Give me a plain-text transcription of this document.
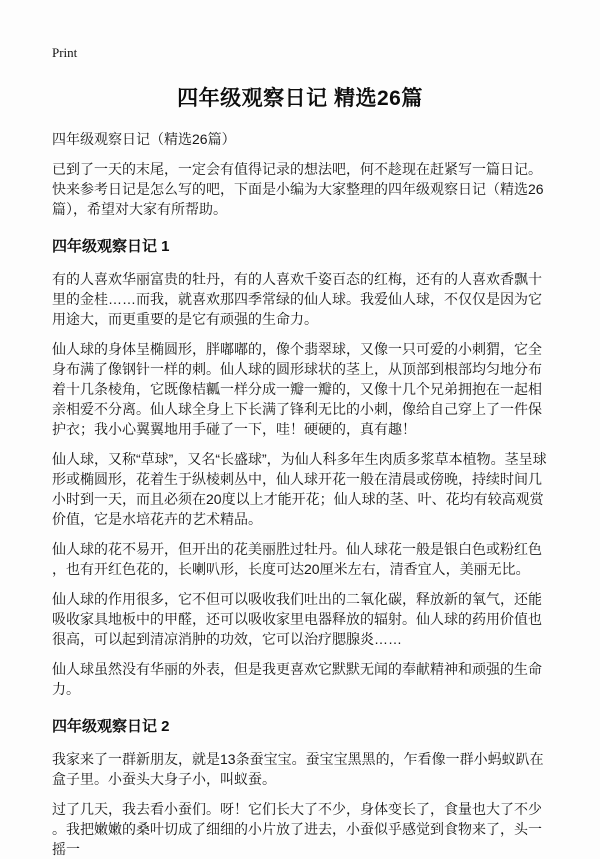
Print
四年级观察日记 精选26篇

四年级观察日记（精选26篇）

已到了一天的末尾，一定会有值得记录的想法吧，何不趁现在赶紧写一篇日记。快来参考日记是怎么写的吧，下面是小编为大家整理的四年级观察日记（精选26篇），希望对大家有所帮助。

四年级观察日记 1

有的人喜欢华丽富贵的牡丹，有的人喜欢千姿百态的红梅，还有的人喜欢香飘十里的金桂……而我，就喜欢那四季常绿的仙人球。我爱仙人球，不仅仅是因为它用途大，而更重要的是它有顽强的生命力。

仙人球的身体呈椭圆形，胖嘟嘟的，像个翡翠球，又像一只可爱的小刺猬，它全身布满了像钢针一样的刺。仙人球的圆形球状的茎上，从顶部到根部均匀地分布着十几条棱角，它既像桔瓤一样分成一瓣一瓣的，又像十几个兄弟拥抱在一起相亲相爱不分离。仙人球全身上下长满了锋利无比的小刺，像给自己穿上了一件保护衣；我小心翼翼地用手碰了一下，哇！硬硬的，真有趣！

仙人球，又称“草球”，又名“长盛球”，为仙人科多年生肉质多浆草本植物。茎呈球形或椭圆形，花着生于纵棱刺丛中，仙人球开花一般在清晨或傍晚，持续时间几小时到一天，而且必须在20度以上才能开花；仙人球的茎、叶、花均有较高观赏价值，它是水培花卉的艺术精品。

仙人球的花不易开，但开出的花美丽胜过牡丹。仙人球花一般是银白色或粉红色，也有开红色花的，长喇叭形，长度可达20厘米左右，清香宜人，美丽无比。

仙人球的作用很多，它不但可以吸收我们吐出的二氧化碳，释放新的氧气，还能吸收家具地板中的甲醛，还可以吸收家里电器释放的辐射。仙人球的药用价值也很高，可以起到清凉消肿的功效，它可以治疗腮腺炎……

仙人球虽然没有华丽的外表，但是我更喜欢它默默无闻的奉献精神和顽强的生命力。

四年级观察日记 2

我家来了一群新朋友，就是13条蚕宝宝。蚕宝宝黑黑的，乍看像一群小蚂蚁趴在盒子里。小蚕头大身子小，叫蚁蚕。

过了几天，我去看小蚕们。呀！它们长大了不少，身体变长了，食量也大了不少。我把嫩嫩的桑叶切成了细细的小片放了进去，小蚕似乎感觉到食物来了，头一摇一
